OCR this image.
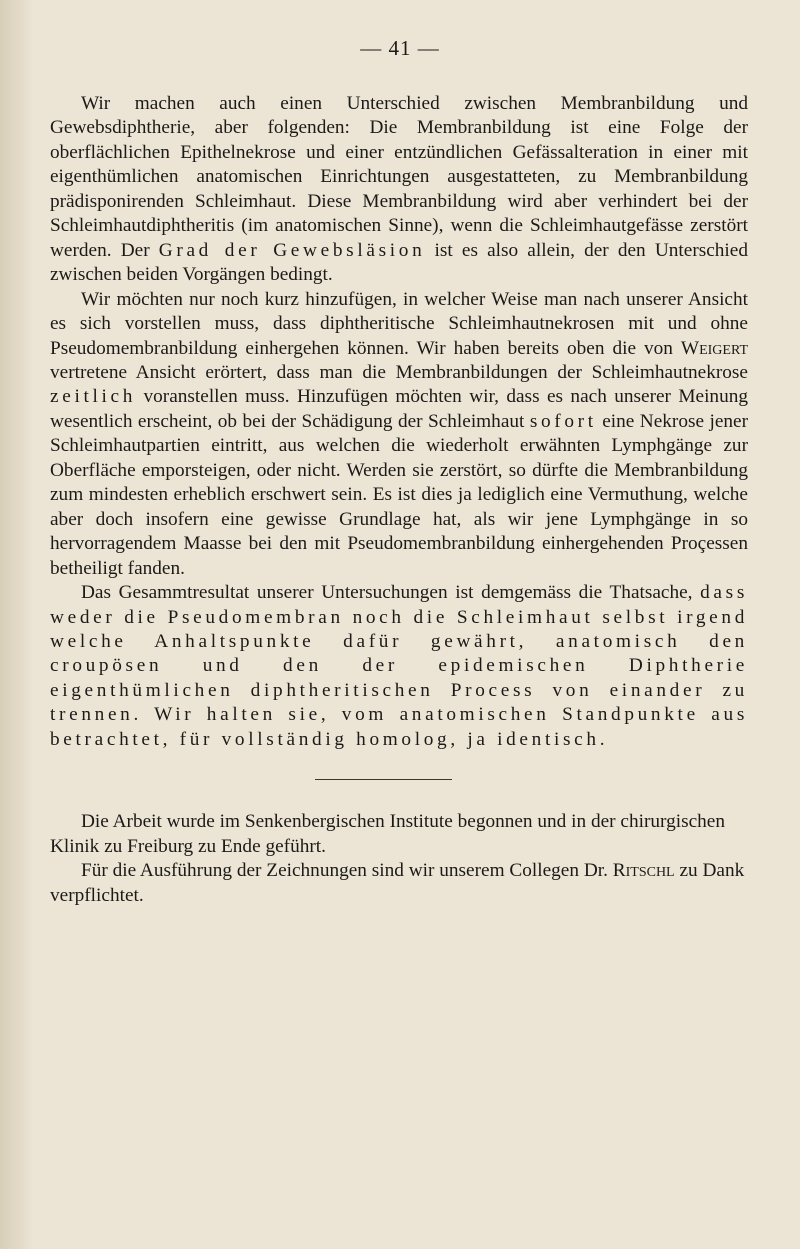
— 41 —

Wir machen auch einen Unterschied zwischen Membranbildung und Gewebsdiphtherie, aber folgenden: Die Membranbildung ist eine Folge der oberflächlichen Epithelnekrose und einer entzündlichen Gefässalteration in einer mit eigenthümlichen anatomischen Einrichtungen ausgestatteten, zu Membranbildung prädisponirenden Schleimhaut. Diese Membranbildung wird aber verhindert bei der Schleimhautdiphtheritis (im anatomischen Sinne), wenn die Schleimhautgefässe zerstört werden. Der Grad der Gewebsläsion ist es also allein, der den Unterschied zwischen beiden Vorgängen bedingt.

Wir möchten nur noch kurz hinzufügen, in welcher Weise man nach unserer Ansicht es sich vorstellen muss, dass diphtheritische Schleimhautnekrosen mit und ohne Pseudomembranbildung einhergehen können. Wir haben bereits oben die von Weigert vertretene Ansicht erörtert, dass man die Membranbildungen der Schleimhautnekrose zeitlich voranstellen muss. Hinzufügen möchten wir, dass es nach unserer Meinung wesentlich erscheint, ob bei der Schädigung der Schleimhaut sofort eine Nekrose jener Schleimhautpartien eintritt, aus welchen die wiederholt erwähnten Lymphgänge zur Oberfläche emporsteigen, oder nicht. Werden sie zerstört, so dürfte die Membranbildung zum mindesten erheblich erschwert sein. Es ist dies ja lediglich eine Vermuthung, welche aber doch insofern eine gewisse Grundlage hat, als wir jene Lymphgänge in so hervorragendem Maasse bei den mit Pseudomembranbildung einhergehenden Proçessen betheiligt fanden.

Das Gesammtresultat unserer Untersuchungen ist demgemäss die Thatsache, dass weder die Pseudomembran noch die Schleimhaut selbst irgend welche Anhaltspunkte dafür gewährt, anatomisch den croupösen und den der epidemischen Diphtherie eigenthümlichen diphtheritischen Process von einander zu trennen. Wir halten sie, vom anatomischen Standpunkte aus betrachtet, für vollständig homolog, ja identisch.

Die Arbeit wurde im Senkenbergischen Institute begonnen und in der chirurgischen Klinik zu Freiburg zu Ende geführt.

Für die Ausführung der Zeichnungen sind wir unserem Collegen Dr. Ritschl zu Dank verpflichtet.
